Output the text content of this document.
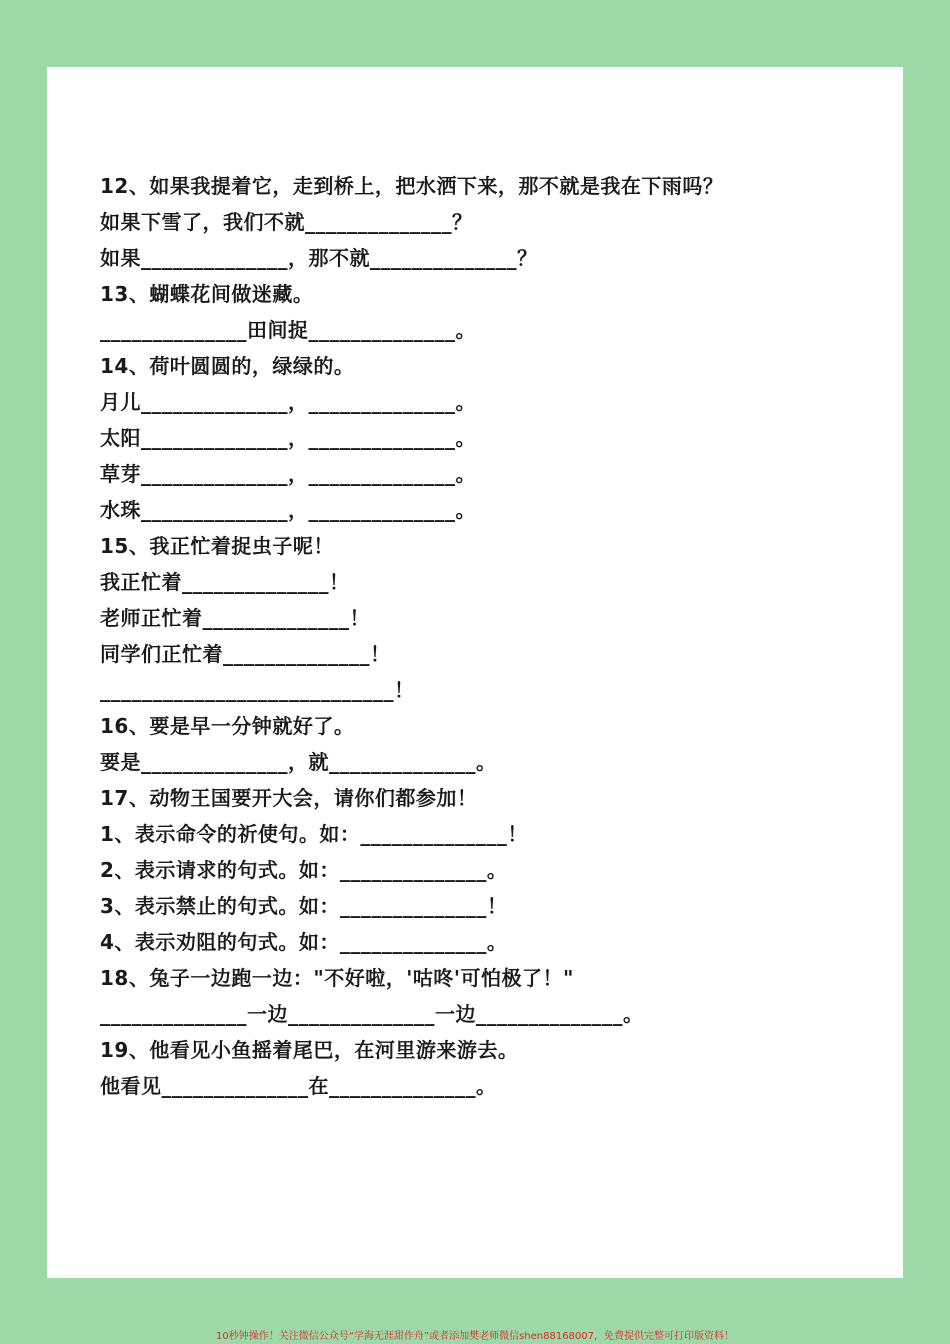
12、如果我提着它，走到桥上，把水洒下来，那不就是我在下雨吗？
如果下雪了，我们不就______________？
如果______________，那不就______________？
13、蝴蝶花间做迷藏。
______________田间捉______________。
14、荷叶圆圆的，绿绿的。
月儿______________，______________。
太阳______________，______________。
草芽______________，______________。
水珠______________，______________。
15、我正忙着捉虫子呢！
我正忙着______________！
老师正忙着______________！
同学们正忙着______________！
____________________________！
16、要是早一分钟就好了。
要是______________，就______________。
17、动物王国要开大会，请你们都参加！
1、表示命令的祈使句。如：______________！
2、表示请求的句式。如：______________。
3、表示禁止的句式。如：______________！
4、表示劝阻的句式。如：______________。
18、兔子一边跑一边："不好啦，'咕咚'可怕极了！"
______________一边______________一边______________。
19、他看见小鱼摇着尾巴，在河里游来游去。
他看见______________在______________。
10秒钟操作！关注微信公众号“学海无涯甜作舟”或者添加樊老师微信shen88168007，免费提供完整可打印版资料！
